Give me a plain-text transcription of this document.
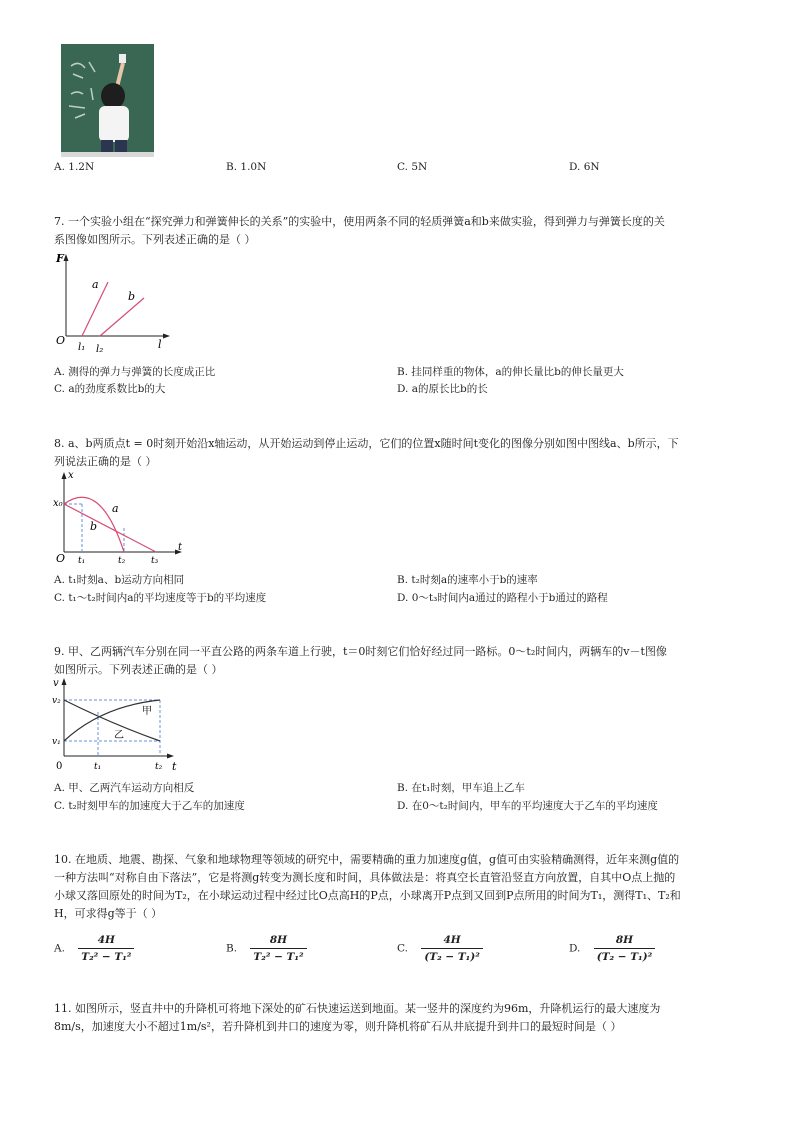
A. 1.2N	B. 1.0N	C. 5N	D. 6N
7. 一个实验小组在“探究弹力和弹簧伸长的关系”的实验中，使用两条不同的轻质弹簧a和b来做实验，得到弹力与弹簧长度的关
系图像如图所示。下列表述正确的是（ ）
F
l
O
a
b
l₁ l₂
A. 测得的弹力与弹簧的长度成正比	B. 挂同样重的物体，a的伸长量比b的伸长量更大
C. a的劲度系数比b的大	D. a的原长比b的长
8. a、b两质点t = 0时刻开始沿x轴运动，从开始运动到停止运动，它们的位置x随时间t变化的图像分别如图中图线a、b所示，下
列说法正确的是（ ）
x
t
O
x₀	a
b
t₁	t₂	t₃
A. t₁时刻a、b运动方向相同	B. t₂时刻a的速率小于b的速率
C. t₁～t₂时间内a的平均速度等于b的平均速度	D. 0～t₃时间内a通过的路程小于b通过的路程
9. 甲、乙两辆汽车分别在同一平直公路的两条车道上行驶，t＝0时刻它们恰好经过同一路标。0～t₂时间内，两辆车的v－t图像
如图所示。下列表述正确的是（ ）
v
t
0
v₂
v₁
t₁	t₂
甲
乙
A. 甲、乙两汽车运动方向相反	B. 在t₁时刻，甲车追上乙车
C. t₂时刻甲车的加速度大于乙车的加速度	D. 在0～t₂时间内，甲车的平均速度大于乙车的平均速度
10. 在地质、地震、勘探、气象和地球物理等领域的研究中，需要精确的重力加速度g值，g值可由实验精确测得，近年来测g值的
一种方法叫“对称自由下落法”，它是将测g转变为测长度和时间，具体做法是：将真空长直管沿竖直方向放置，自其中O点上抛的
小球又落回原处的时间为T₂，在小球运动过程中经过比O点高H的P点，小球离开P点到又回到P点所用的时间为T₁，测得T₁、T₂和
H，可求得g等于（ ）
A. $\frac{4H}{\text{T₂² − T₁²}}$	B. $\frac{8H}{\text{T₂² − T₁²}}$	C. $\frac{4H}{\text{(T₂ − T₁)²}}$	D. $\frac{8H}{\text{(T₂ − T₁)²}}$
11. 如图所示，竖直井中的升降机可将地下深处的矿石快速运送到地面。某一竖井的深度约为96m，升降机运行的最大速度为
8m/s，加速度大小不超过1m/s²，若升降机到井口的速度为零，则升降机将矿石从井底提升到井口的最短时间是（ ）
